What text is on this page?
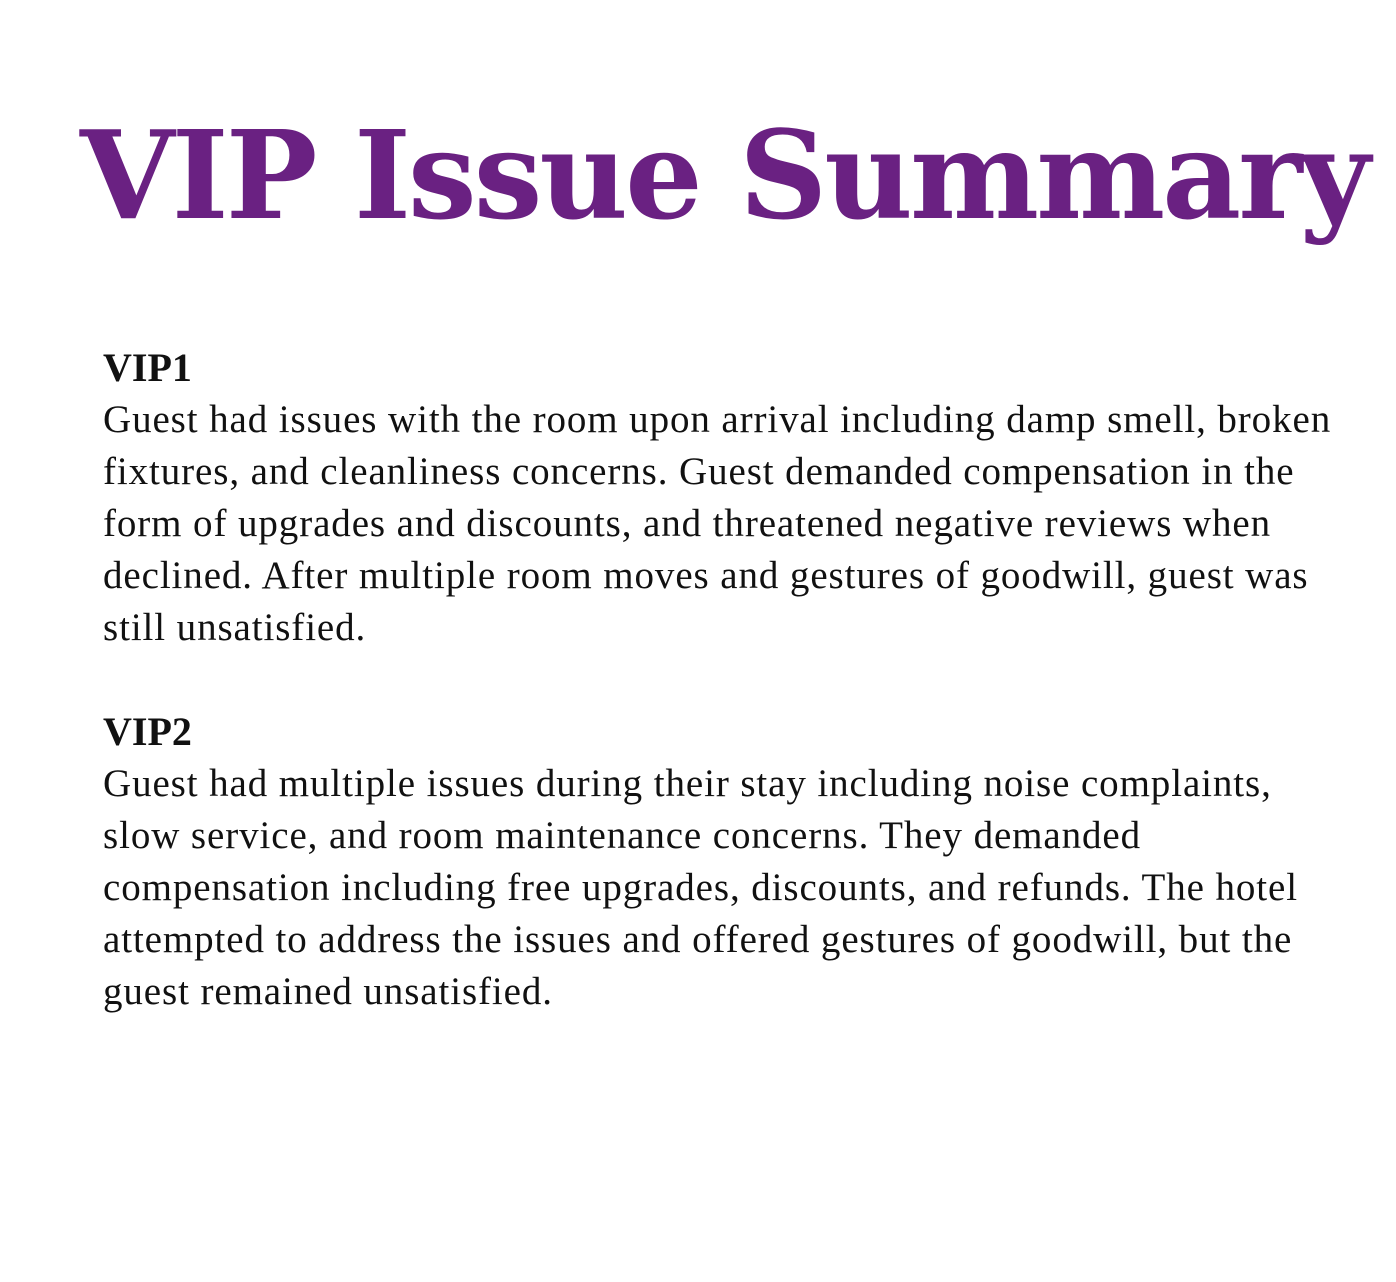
VIP Issue Summary
VIP1

Guest had issues with the room upon arrival including damp smell, broken fixtures, and cleanliness concerns. Guest demanded compensation in the form of upgrades and discounts, and threatened negative reviews when declined. After multiple room moves and gestures of goodwill, guest was still unsatisfied.

VIP2

Guest had multiple issues during their stay including noise complaints, slow service, and room maintenance concerns. They demanded compensation including free upgrades, discounts, and refunds. The hotel attempted to address the issues and offered gestures of goodwill, but the guest remained unsatisfied.
